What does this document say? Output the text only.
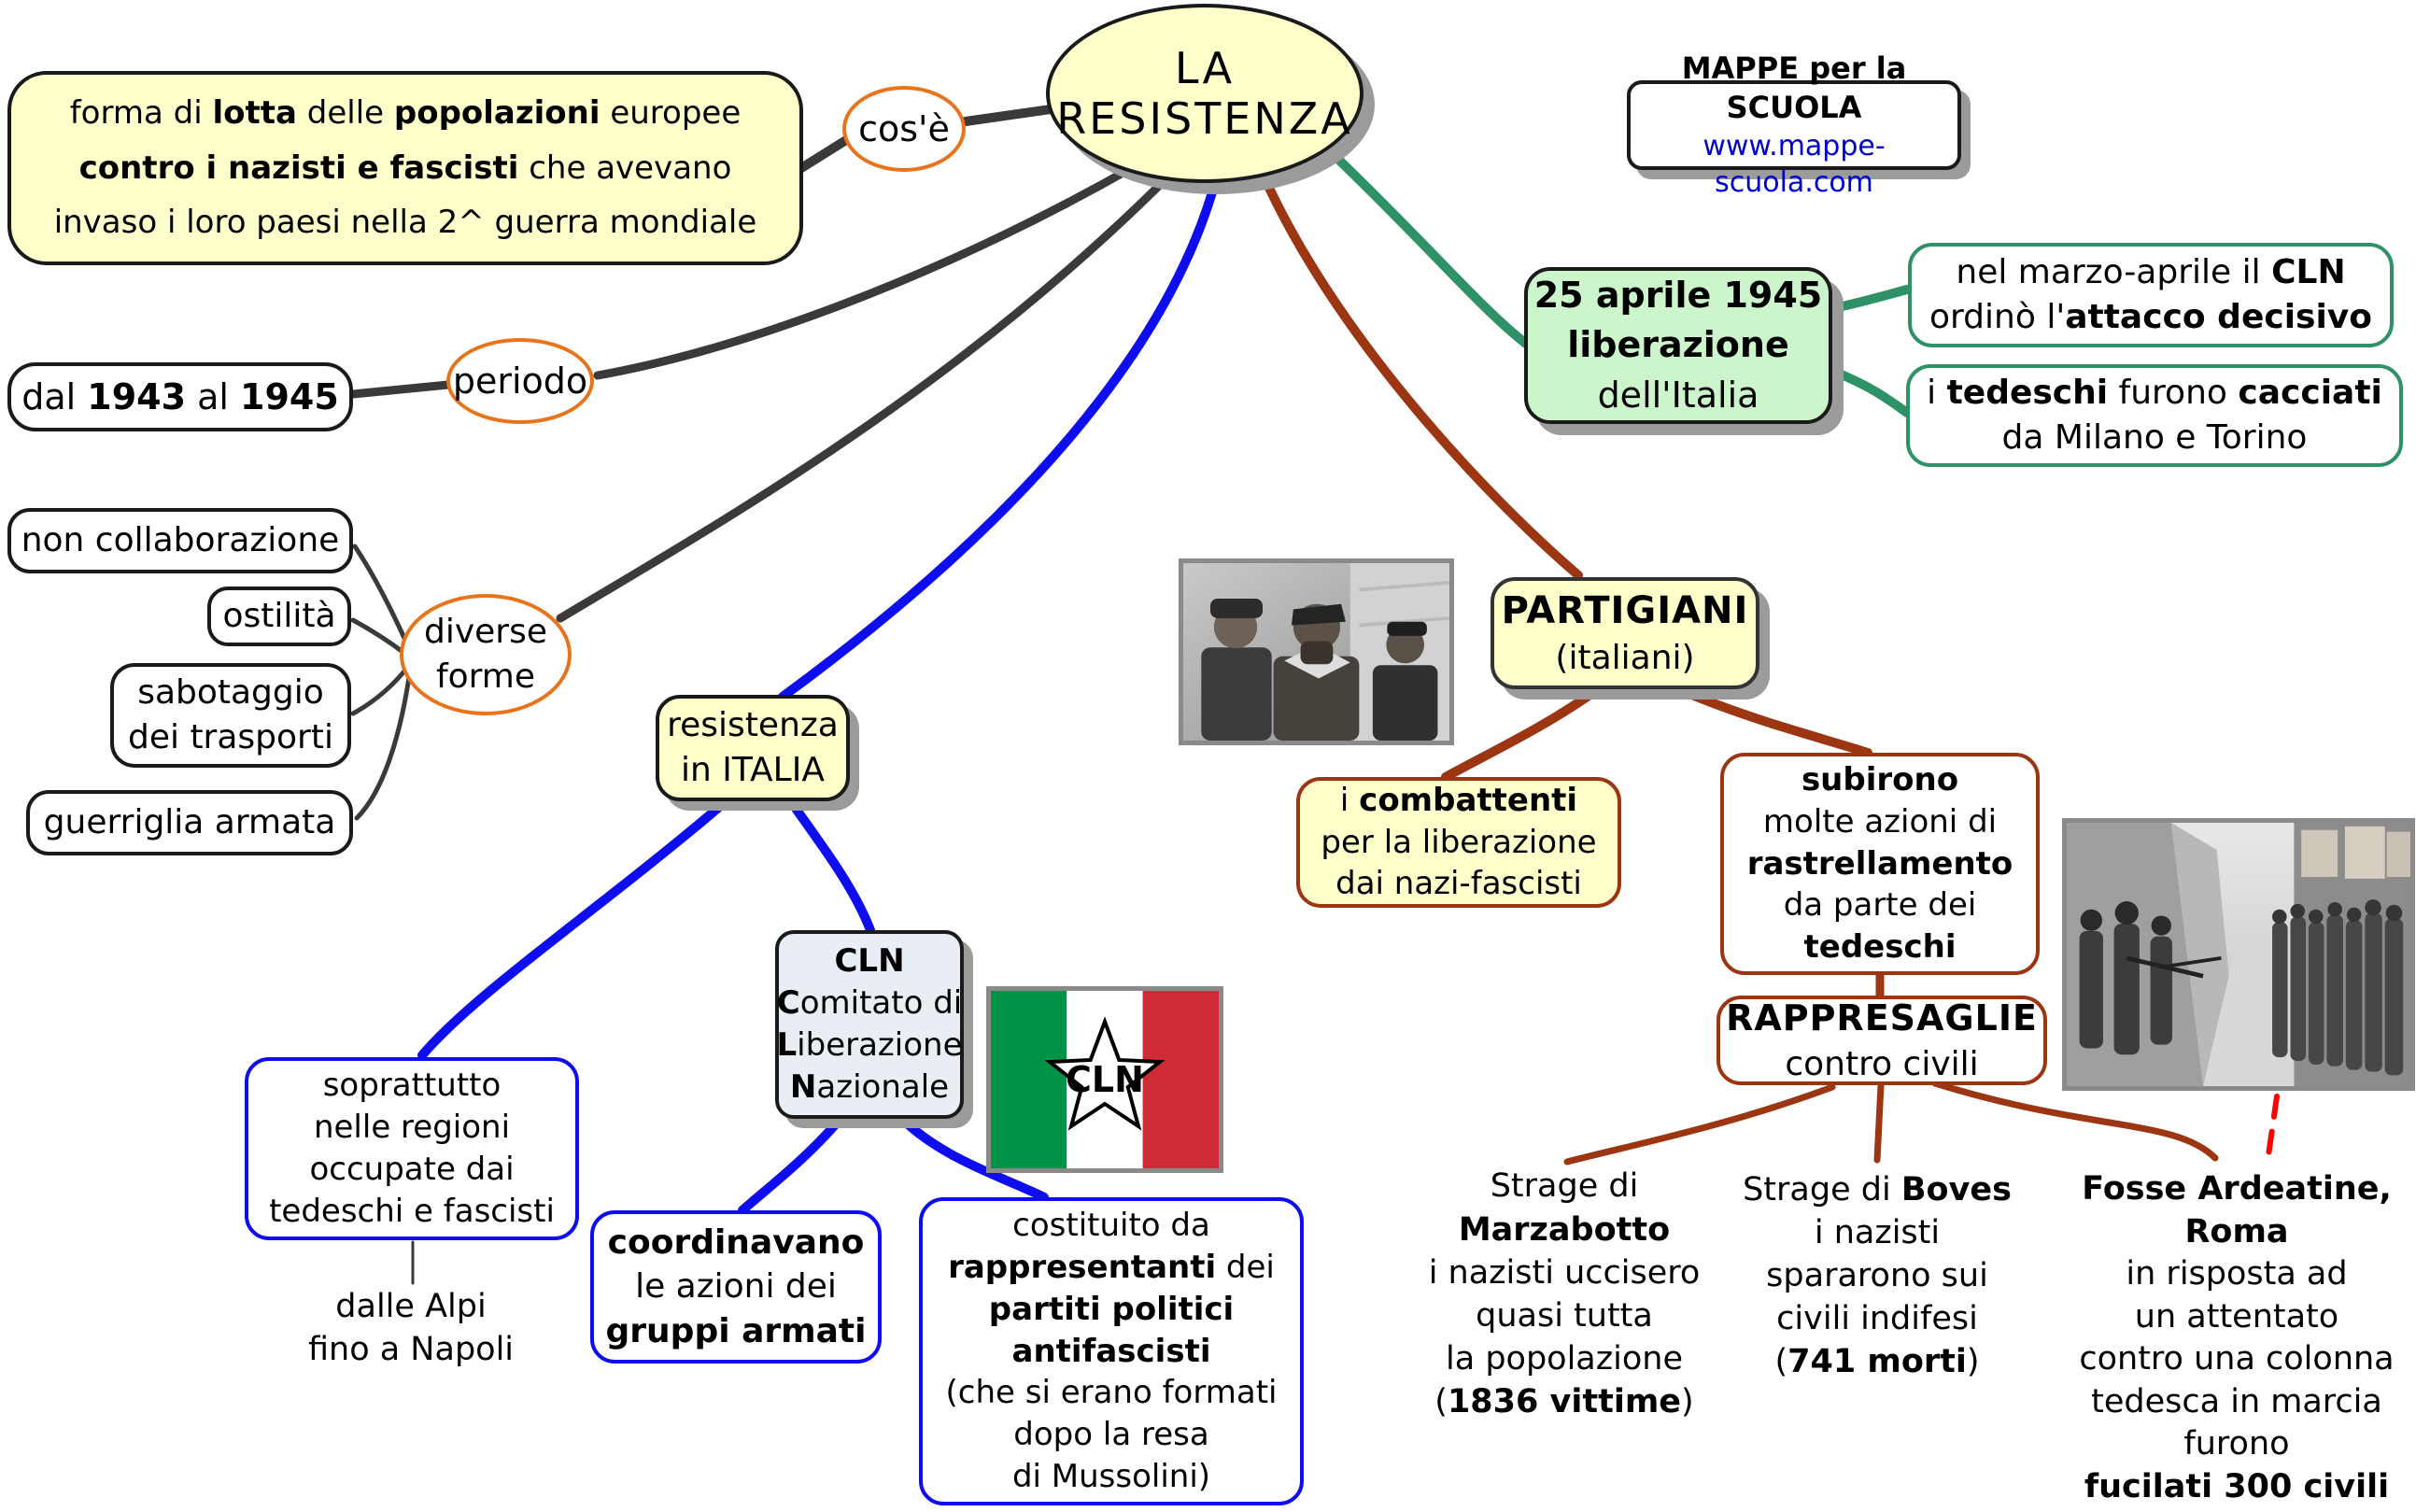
LA
RESISTENZA
forma di lotta delle popolazioni europee
contro i nazisti e fascisti che avevano
invaso i loro paesi nella 2^ guerra mondiale
cos'è
periodo
dal 1943 al 1945
non collaborazione
ostilità
sabotaggio
dei trasporti
guerriglia armata
diverse
forme
resistenza
in ITALIA
soprattutto
nelle regioni
occupate dai
tedeschi e fascisti
dalle Alpi
fino a Napoli
CLN
Comitato di
Liberazione
Nazionale	CLN
coordinavano
le azioni dei
gruppi armati
costituito da
rappresentanti dei
partiti politici
antifascisti
(che si erano formati
dopo la resa
di Mussolini)
25 aprile 1945
liberazione
dell'Italia
nel marzo-aprile il CLN
ordinò l'attacco decisivo
i tedeschi furono cacciati
da Milano e Torino
MAPPE per la SCUOLA
www.mappe-scuola.com
PARTIGIANI
(italiani)
i combattenti
per la liberazione
dai nazi-fascisti
subirono
molte azioni di
rastrellamento
da parte dei
tedeschi
RAPPRESAGLIE
contro civili
Strage di
Marzabotto
i nazisti uccisero
quasi tutta
la popolazione
(1836 vittime)
Strage di Boves
i nazisti
spararono sui
civili indifesi
(741 morti)
Fosse Ardeatine,
Roma
in risposta ad
un attentato
contro una colonna
tedesca in marcia
furono
fucilati 300 civili
